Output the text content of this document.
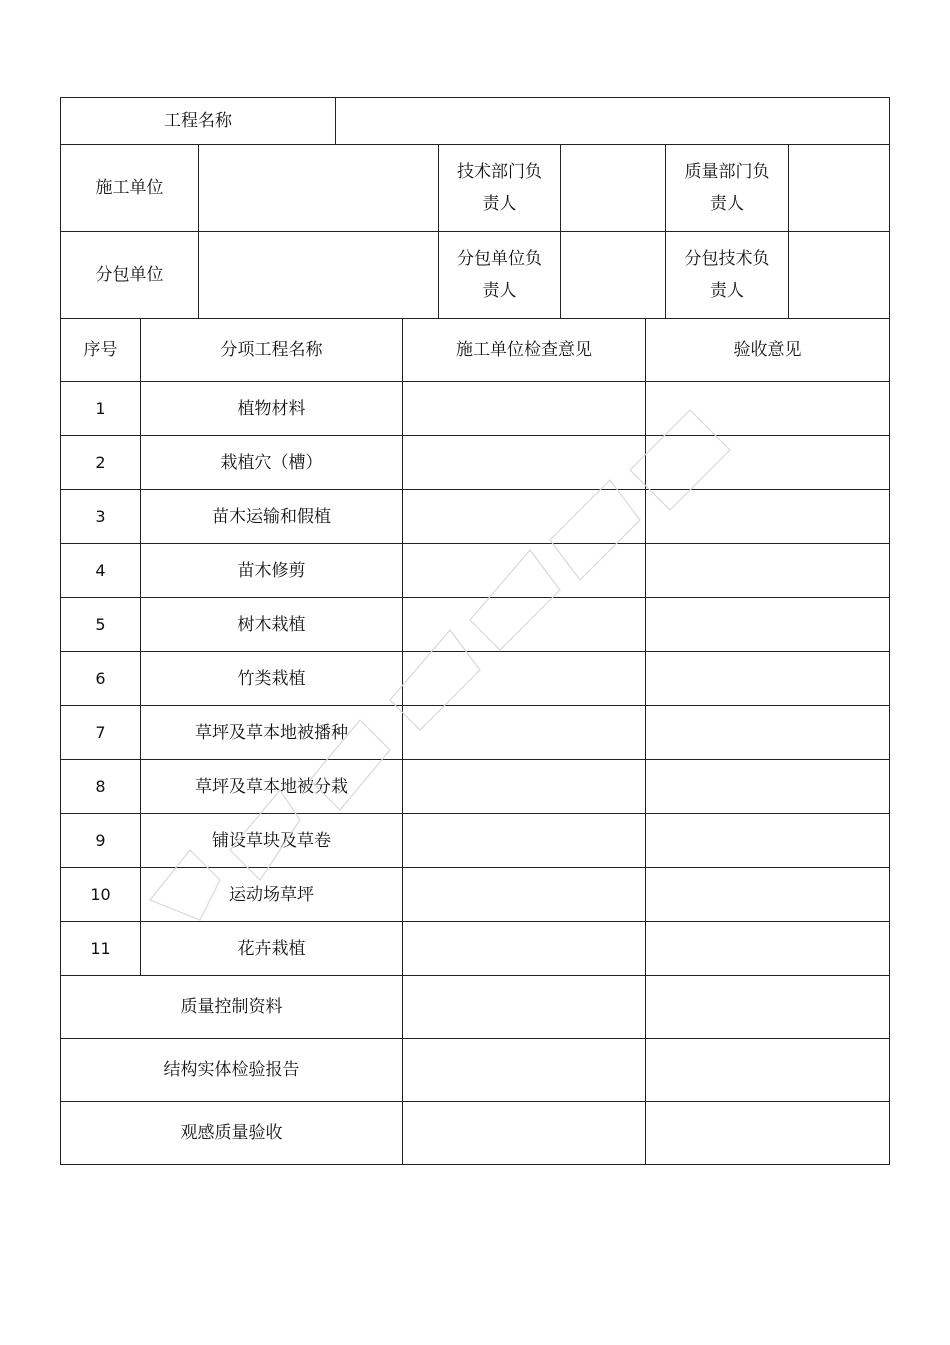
工程名称	
施工单位		技术部门负责人		质量部门负责人	

分包单位		分包单位负责人		分包技术负责人	

序号	分项工程名称	施工单位检查意见	验收意见
1	植物材料		
2	栽植穴（槽）		
3	苗木运输和假植		
4	苗木修剪		
5	树木栽植		
6	竹类栽植		
7	草坪及草本地被播种		
8	草坪及草本地被分栽		
9	铺设草块及草卷		
10	运动场草坪		
11	花卉栽植		
质量控制资料			
结构实体检验报告			
观感质量验收			
